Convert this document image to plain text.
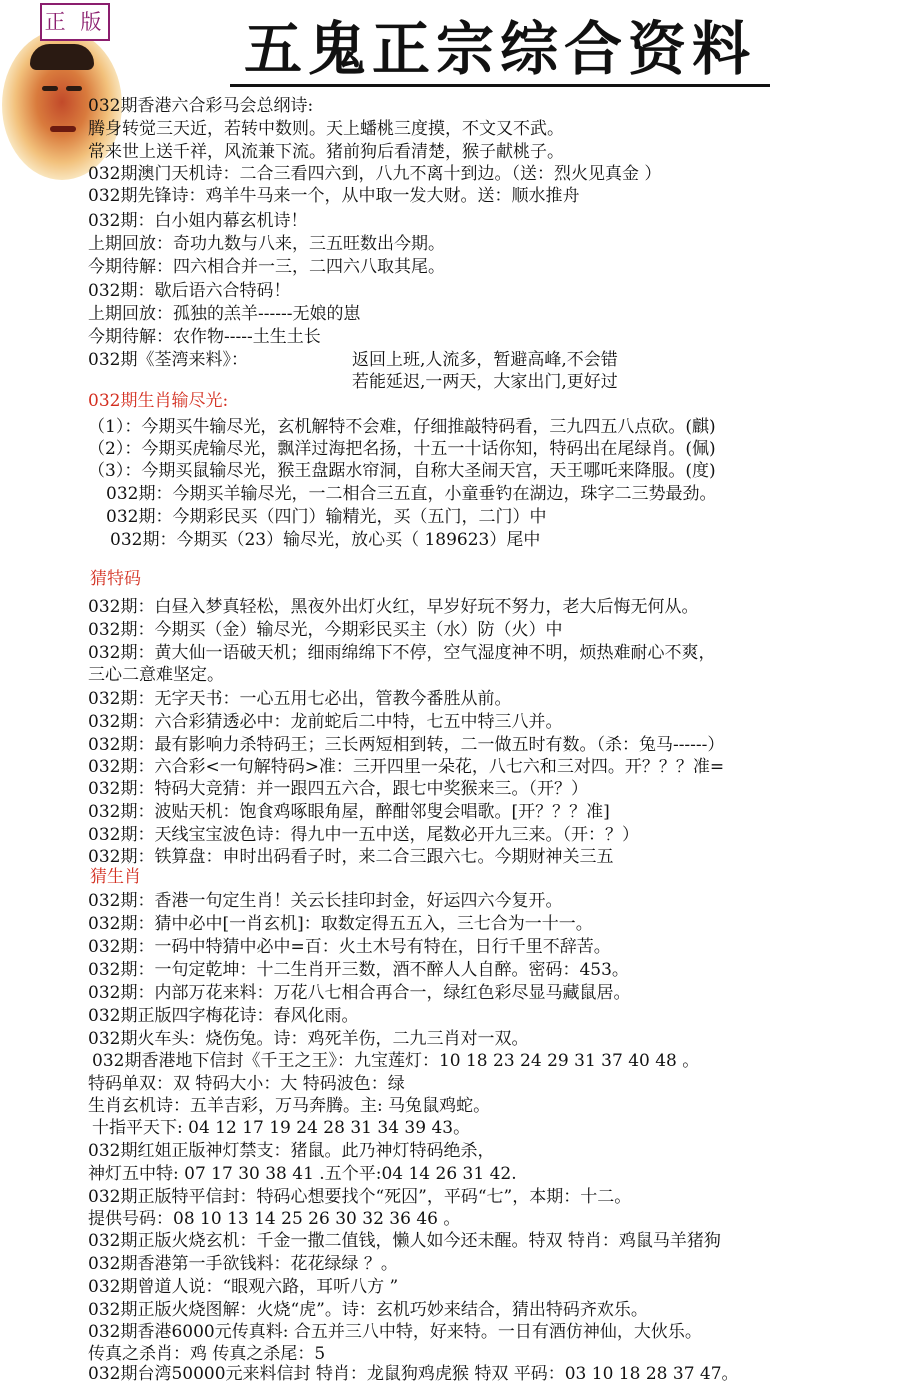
正 版 五鬼正宗综合资料
032期香港六合彩马会总纲诗:
腾身转觉三天近，若转中数则。天上蟠桃三度摸，不文又不武。
常来世上送千祥，风流兼下流。猪前狗后看清楚，猴子献桃子。
032期澳门天机诗：二合三看四六到，八九不离十到边。（送：烈火见真金 ）
032期先锋诗：鸡羊牛马来一个，从中取一发大财。送：顺水推舟
032期：白小姐内幕玄机诗！
上期回放：奇功九数与八来，三五旺数出今期。
今期待解：四六相合并一三，二四六八取其尾。
032期：歇后语六合特码！
上期回放：孤独的羔羊------无娘的崽
今期待解：农作物-----土生土长
032期《荃湾来料》：	返回上班,人流多，暂避高峰,不会错
若能延迟,一两天，大家出门,更好过
032期生肖输尽光:
（1）：今期买牛输尽光，玄机解特不会难，仔细推敲特码看，三九四五八点砍。(麒)
（2）：今期买虎输尽光，飘洋过海把名扬，十五一十话你知，特码出在尾绿肖。(佩)
（3）：今期买鼠输尽光，猴王盘踞水帘洞，自称大圣闹天宫，天王哪吒来降服。(度)
032期：今期买羊输尽光，一二相合三五直，小童垂钓在湖边，珠字二三势最劲。
032期：今期彩民买（四门）输精光，买（五门，二门）中
032期：今期买（23）输尽光，放心买（ 189623）尾中
猜特码
032期：白昼入梦真轻松，黑夜外出灯火红，早岁好玩不努力，老大后悔无何从。
032期：今期买（金）输尽光，今期彩民买主（水）防（火）中
032期：黄大仙一语破天机；细雨绵绵下不停，空气湿度神不明，烦热难耐心不爽，
三心二意难坚定。
032期：无字天书：一心五用七必出，管教今番胜从前。
032期：六合彩猜透必中：龙前蛇后二中特，七五中特三八并。
032期：最有影响力杀特码王；三长两短相到转，二一做五时有数。（杀：兔马------）
032期：六合彩<一句解特码>准：三开四里一朵花，八七六和三对四。开？？？准=
032期：特码大竞猜：并一跟四五六合，跟七中奖猴来三。（开？）
032期：波贴天机：饱食鸡啄眼角屋，醉酣邻叟会唱歌。[开？？？准]
032期：天线宝宝波色诗：得九中一五中送，尾数必开九三来。（开：？）
032期：铁算盘：申时出码看子时，来二合三跟六七。今期财神关三五
猜生肖
032期：香港一句定生肖！关云长挂印封金，好运四六今复开。
032期：猜中必中[一肖玄机]：取数定得五五入，三七合为一十一。
032期：一码中特猜中必中=百：火土木号有特在，日行千里不辞苦。
032期：一句定乾坤：十二生肖开三数，酒不醉人人自醉。密码：453。
032期：内部万花来料：万花八七相合再合一，绿红色彩尽显马藏鼠居。
032期正版四字梅花诗：春风化雨。
032期火车头：烧伤兔。诗：鸡死羊伤，二九三肖对一双。
032期香港地下信封《千王之王》：九宝莲灯：10 18 23 24 29 31 37 40 48 。
特码单双：双 特码大小：大 特码波色：绿
生肖玄机诗：五羊吉彩，万马奔腾。主: 马兔鼠鸡蛇。
十指平天下: 04 12 17 19 24 28 31 34 39 43。
032期红姐正版神灯禁支：猪鼠。此乃神灯特码绝杀，
神灯五中特: 07 17 30 38 41 .五个平:04 14 26 31 42.
032期正版特平信封：特码心想要找个“死囚”，平码“七”，本期：十二。
提供号码：08 10 13 14 25 26 30 32 36 46 。
032期正版火烧玄机：千金一撒二值钱，懒人如今还未醒。特双 特肖：鸡鼠马羊猪狗
032期香港第一手欲钱料：花花绿绿 ？。
032期曾道人说：“眼观六路，耳听八方 ”
032期正版火烧图解：火烧“虎”。诗：玄机巧妙来结合，猜出特码齐欢乐。
032期香港6000元传真料: 合五并三八中特，好来特。一日有酒仿神仙，大伙乐。
传真之杀肖：鸡 传真之杀尾：5
032期台湾50000元来料信封 特肖：龙鼠狗鸡虎猴 特双 平码：03 10 18 28 37 47。
